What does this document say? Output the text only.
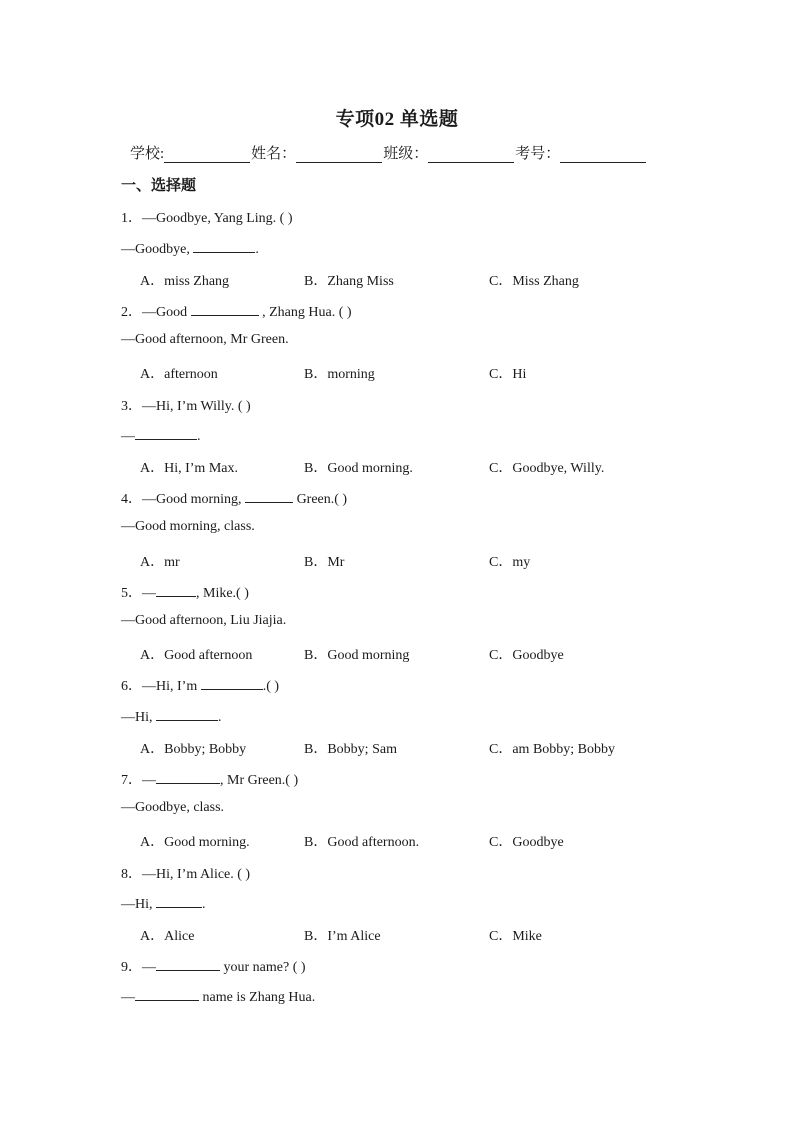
专项02 单选题
学校:	姓名：	班级：	考号：
一、选择题
1．—Goodbye, Yang Ling. ( )
—Goodbye,	.
A．miss Zhang	B．Zhang Miss	C．Miss Zhang
2．—Good	, Zhang Hua. ( )
—Good afternoon, Mr Green.
A．afternoon	B．morning	C．Hi
3．—Hi, I’m Willy. ( )
—	.
A．Hi, I’m Max.	B．Good morning.	C．Goodbye, Willy.
4．—Good morning,	Green.( )
—Good morning, class.
A．mr	B．Mr	C．my
5．—	, Mike.( )
—Good afternoon, Liu Jiajia.
A．Good afternoon	B．Good morning	C．Goodbye
6．—Hi, I’m	.( )
—Hi,	.
A．Bobby; Bobby	B．Bobby; Sam	C．am Bobby; Bobby
7．—	, Mr Green.( )
—Goodbye, class.
A．Good morning.	B．Good afternoon.	C．Goodbye
8．—Hi, I’m Alice. ( )
—Hi,	.
A．Alice	B．I’m Alice	C．Mike
9．—	your name? ( )
—	name is Zhang Hua.
